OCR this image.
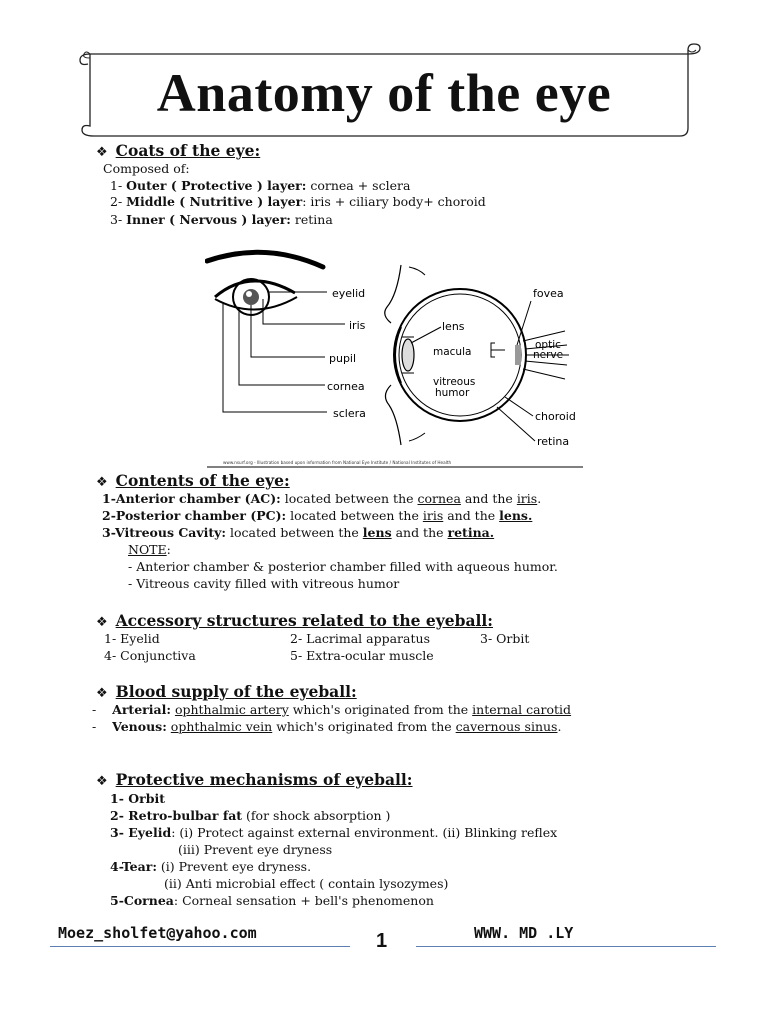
Anatomy of the eye
❖ Coats of the eye:
Composed of:
1- Outer ( Protective ) layer: cornea + sclera
2- Middle ( Nutritive ) layer: iris + ciliary body+ choroid
3- Inner ( Nervous ) layer: retina
eyelid
iris
pupil
cornea
sclera
lens
macula
vitreous
humor
fovea
optic
nerve
choroid
retina
www.nsurf.org - Illustration based upon information from National Eye Institute / National Institutes of Health
❖ Contents of the eye:
1-Anterior chamber (AC): located between the cornea and the iris.
2-Posterior chamber (PC): located between the iris and the lens.
3-Vitreous Cavity: located between the lens and the retina.
NOTE:
- Anterior chamber & posterior chamber filled with aqueous humor.
- Vitreous cavity filled with vitreous humor
❖ Accessory structures related to the eyeball:
1- Eyelid	2- Lacrimal apparatus	3- Orbit
4- Conjunctiva	5- Extra-ocular muscle
❖ Blood supply of the eyeball:
- Arterial: ophthalmic artery which's originated from the internal carotid
- Venous: ophthalmic vein which's originated from the cavernous sinus.
❖ Protective mechanisms of eyeball:
1- Orbit
2- Retro-bulbar fat (for shock absorption )
3- Eyelid: (i) Protect against external environment. (ii) Blinking reflex
(iii) Prevent eye dryness
4-Tear: (i) Prevent eye dryness.
(ii) Anti microbial effect ( contain lysozymes)
5-Cornea: Corneal sensation + bell's phenomenon
Moez_sholfet@yahoo.com	1	WWW. MD .LY
